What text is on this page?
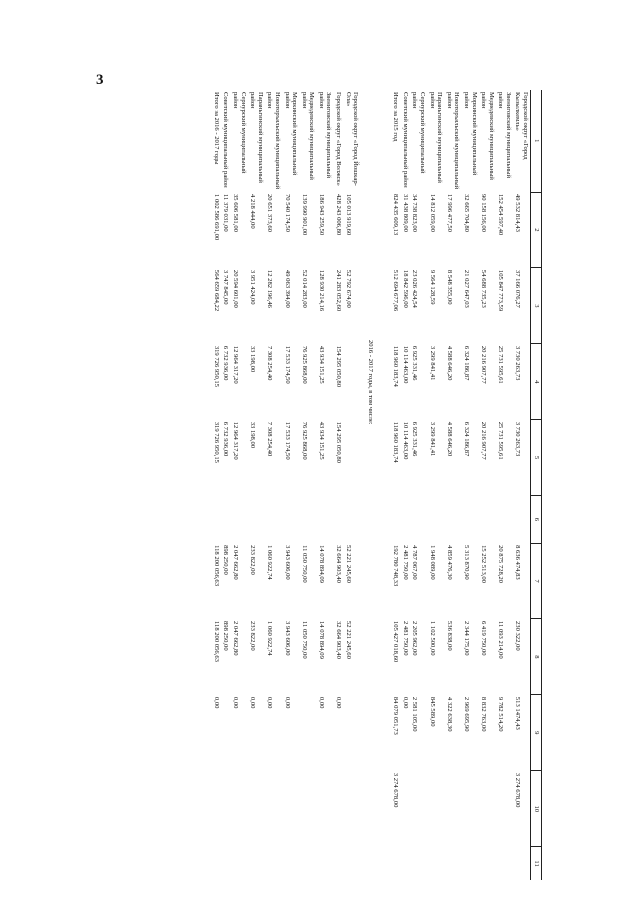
3
1	2	3	4	5	6	7	8	9	10	11
Городской округ «Город Кызылкемль»	49 532 814,43	37 166 076,27	3 730 263,73	3 730 263,73		8 636 474,83	230 322,00	513 1474,43	3 274 678,00	
Звениговский муниципальный район	152 454 597,40	105 847 773,59	25 731 595,61	25 731 595,61		20 875 728,20	11 093 214,00	9 782 514,20		
Медведевский муниципальный район	90 158 156,00	54 688 735,23	20 216 907,77	20 216 907,77		15 252 513,00	6 419 750,00	8 832 763,00		
Моркинский муниципальный район	32 665 704,80	21 027 647,03	6 324 186,87	6 324 186,87		5 313 870,90	2 344 175,00	2 969 695,90		
Новоторъяльский муниципальный район	17 996 477,50	8 548 355,00	4 588 646,20	4 588 646,20		4 859 476,30	536 838,00	4 322 638,30		
Параньгинский муниципальный район	14 812 059,00	9 564 128,59	3 299 841,41	3 299 841,41		1 948 089,00	1 102 500,00	845 589,00		
Сернурский муниципальный район	34 738 823,00	23 026 424,54	6 925 331,46	6 925 331,46		4 787 067,00	2 205 962,00	2 581 105,00		
Советский муниципальный район	31 438 809,00	18 842 596,00	10 114 463,00	10 114 463,00		2 481 750,00	2 481 750,00	0,00		
Итого за 2015 год	824 435 609,13	512 694 677,06	118 960 183,74	118 960 183,74		192 780 748,33	105 427 018,60	84 079 051,73	3 274 678,00	
2016 - 2017 годы, в том числе:										
Городской округ «Город Йошкар-Ола»	105 013 919,60	52 792 674,00				52 221 245,60	52 221 245,60			
Городской округ «Город Волжск»	428 243 006,80	241 283 052,60	154 295 050,80	154 295 050,80		32 664 903,40	32 664 903,40	0,00		
Звениговский муниципальный район	186 943 259,50	128 930 214,16	43 934 151,25	43 934 151,25		14 078 894,09	14 078 894,09	0,00		
Медведевский муниципальный район	139 990 901,00	52 014 283,00	76 925 868,00	76 925 868,00		11 050 750,00	11 050 750,00			
Моркинский муниципальный район	70 540 174,50	49 063 394,00	17 533 174,50	17 533 174,50		3 943 606,00	3 943 606,00	0,00		
Новоторъяльский муниципальный район	20 651 373,60	12 282 196,46	7 308 254,40	7 308 254,40		1 060 922,74	1 060 922,74	0,00		
Параньгинский муниципальный район	4 218 444,00	3 951 424,00	33 198,00	33 198,00		233 822,00	233 822,00	0,00		
Сернурский муниципальный район	35 606 581,00	20 594 601,00	12 964 317,20	12 964 317,20		2 047 662,80	2 047 662,80	0,00		
Советский муниципальный район	11 379 031,00	3 747 845,00	6 732 936,00	6 732 936,00		898 250,00	898 250,00			
Итого за 2016 - 2017 годы	1 002 586 691,00	564 659 684,22	319 726 950,15	319 726 950,15		118 200 056,63	118 200 056,63	0,00		
